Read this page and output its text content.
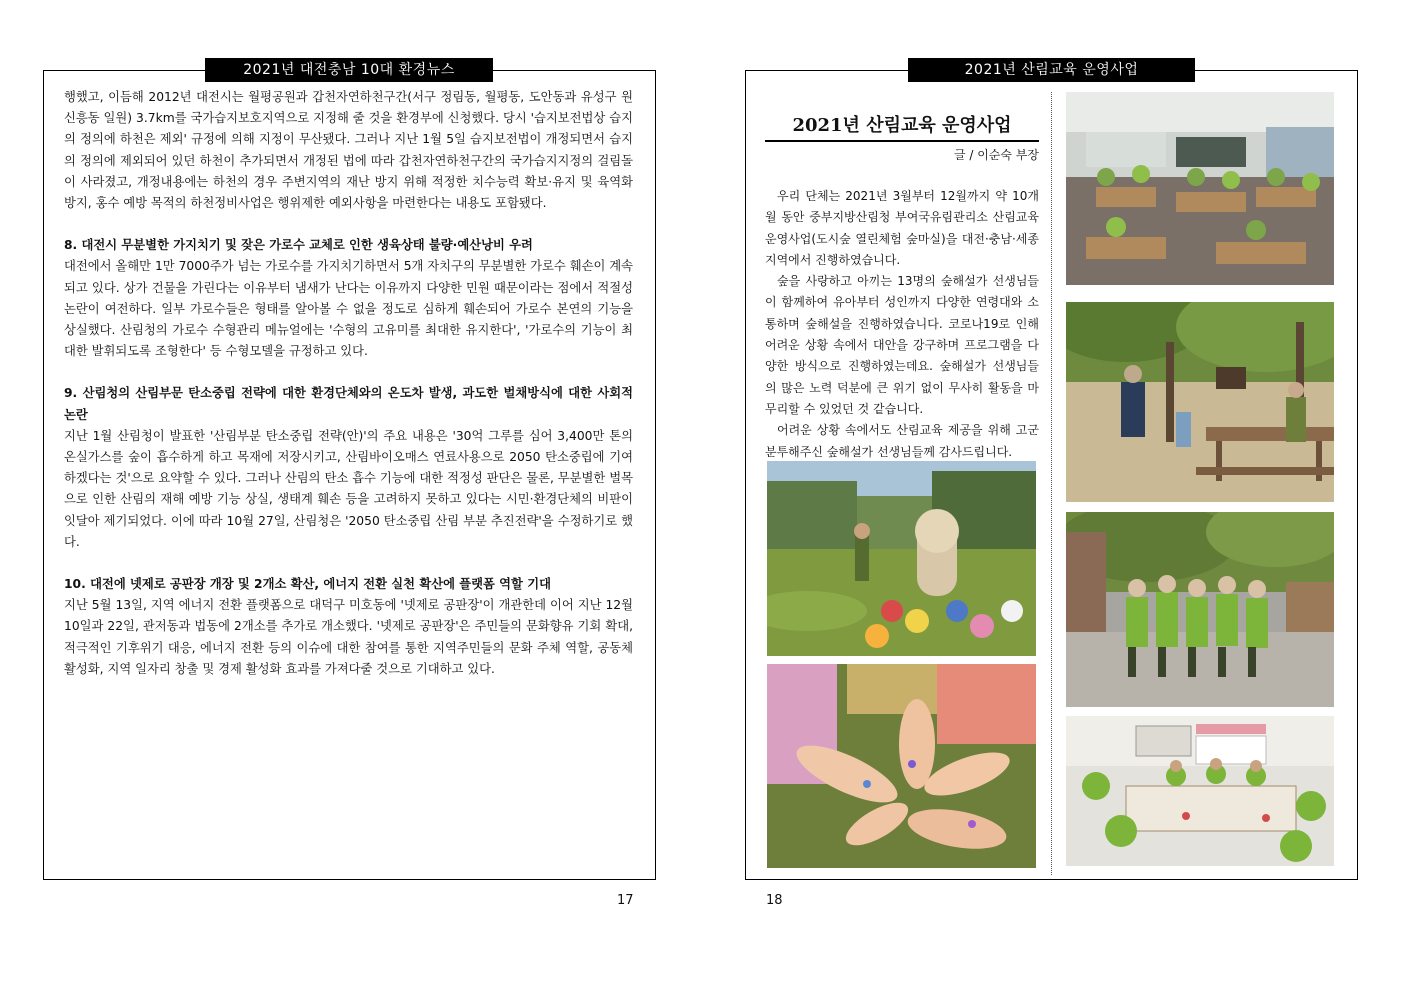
2021년 대전충남 10대 환경뉴스

행했고, 이듬해 2012년 대전시는 월평공원과 갑천자연하천구간(서구 정림동, 월평동, 도안동과 유성구 원신흥동 일원) 3.7km를 국가습지보호지역으로 지정해 줄 것을 환경부에 신청했다. 당시 '습지보전법상 습지의 정의에 하천은 제외' 규정에 의해 지정이 무산됐다. 그러나 지난 1월 5일 습지보전법이 개정되면서 습지의 정의에 제외되어 있던 하천이 추가되면서 개정된 법에 따라 갑천자연하천구간의 국가습지지정의 걸림돌이 사라졌고, 개정내용에는 하천의 경우 주변지역의 재난 방지 위해 적정한 치수능력 확보·유지 및 육역화 방지, 홍수 예방 목적의 하천정비사업은 행위제한 예외사항을 마련한다는 내용도 포함됐다.

8. 대전시 무분별한 가지치기 및 잦은 가로수 교체로 인한 생육상태 불량·예산낭비 우려

대전에서 올해만 1만 7000주가 넘는 가로수를 가지치기하면서 5개 자치구의 무분별한 가로수 훼손이 계속되고 있다. 상가 건물을 가린다는 이유부터 냄새가 난다는 이유까지 다양한 민원 때문이라는 점에서 적절성 논란이 여전하다. 일부 가로수들은 형태를 알아볼 수 없을 정도로 심하게 훼손되어 가로수 본연의 기능을 상실했다. 산림청의 가로수 수형관리 메뉴얼에는 '수형의 고유미를 최대한 유지한다', '가로수의 기능이 최대한 발휘되도록 조형한다' 등 수형모델을 규정하고 있다.

9. 산림청의 산림부문 탄소중립 전략에 대한 환경단체와의 온도차 발생, 과도한 벌채방식에 대한 사회적 논란

지난 1월 산림청이 발표한 '산림부분 탄소중립 전략(안)'의 주요 내용은 '30억 그루를 심어 3,400만 톤의 온실가스를 숲이 흡수하게 하고 목재에 저장시키고, 산림바이오매스 연료사용으로 2050 탄소중립에 기여하겠다는 것'으로 요약할 수 있다. 그러나 산림의 탄소 흡수 기능에 대한 적정성 판단은 물론, 무분별한 벌목으로 인한 산림의 재해 예방 기능 상실, 생태계 훼손 등을 고려하지 못하고 있다는 시민·환경단체의 비판이 잇달아 제기되었다. 이에 따라 10월 27일, 산림청은 '2050 탄소중립 산림 부분 추진전략'을 수정하기로 했다.

10. 대전에 넷제로 공판장 개장 및 2개소 확산, 에너지 전환 실천 확산에 플랫폼 역할 기대

지난 5월 13일, 지역 에너지 전환 플랫폼으로 대덕구 미호동에 '넷제로 공판장'이 개관한데 이어 지난 12월 10일과 22일, 관저동과 법동에 2개소를 추가로 개소했다. '넷제로 공판장'은 주민들의 문화향유 기회 확대, 적극적인 기후위기 대응, 에너지 전환 등의 이슈에 대한 참여를 통한 지역주민들의 문화 주체 역할, 공동체 활성화, 지역 일자리 창출 및 경제 활성화 효과를 가져다줄 것으로 기대하고 있다.

17
2021년 산림교육 운영사업
2021년 산림교육 운영사업
글 / 이순숙 부장

우리 단체는 2021년 3월부터 12월까지 약 10개월 동안 중부지방산림청 부여국유림관리소 산림교육 운영사업(도시숲 열린체험 숲마실)을 대전·충남·세종 지역에서 진행하였습니다.

숲을 사랑하고 아끼는 13명의 숲해설가 선생님들이 함께하여 유아부터 성인까지 다양한 연령대와 소통하며 숲해설을 진행하였습니다. 코로나19로 인해 어려운 상황 속에서 대안을 강구하며 프로그램을 다양한 방식으로 진행하였는데요. 숲해설가 선생님들의 많은 노력 덕분에 큰 위기 없이 무사히 활동을 마무리할 수 있었던 것 같습니다.

어려운 상황 속에서도 산림교육 제공을 위해 고군분투해주신 숲해설가 선생님들께 감사드립니다.

18
